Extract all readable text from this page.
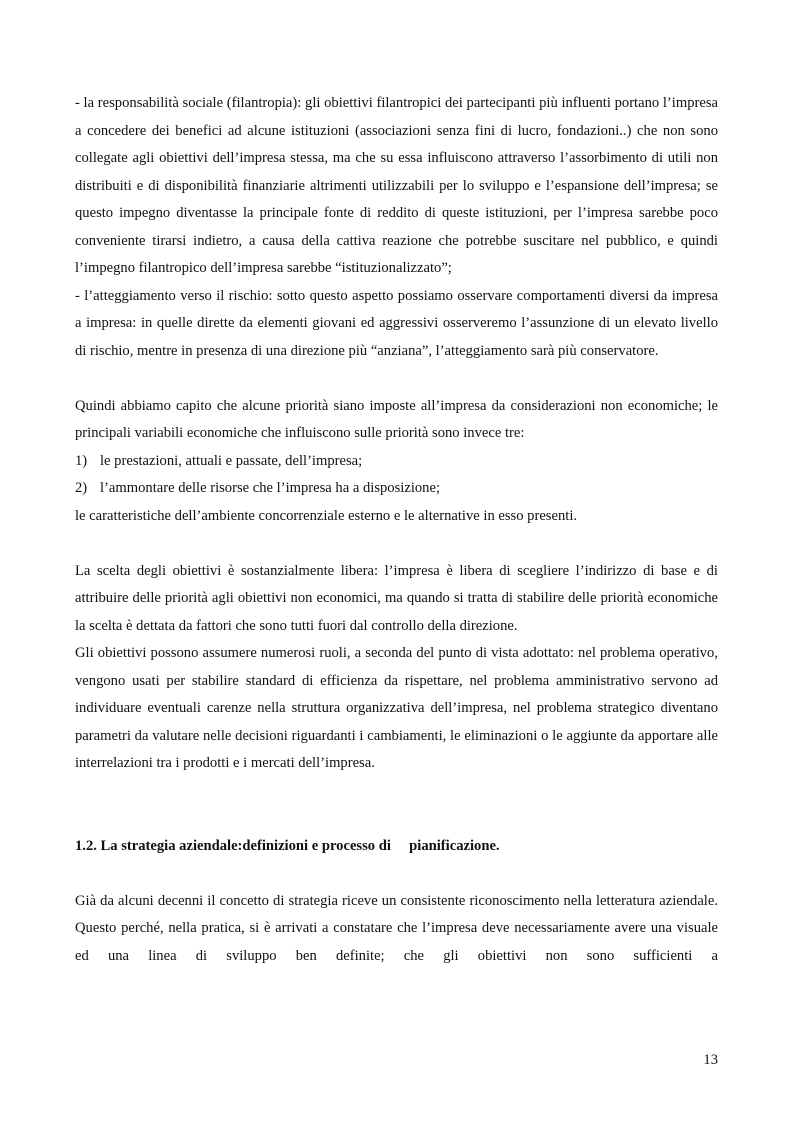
- la responsabilità sociale (filantropia): gli obiettivi filantropici dei partecipanti più influenti portano l’impresa a concedere dei benefici ad alcune istituzioni (associazioni senza fini di lucro, fondazioni..) che non sono collegate agli obiettivi dell’impresa stessa, ma che su essa influiscono attraverso l’assorbimento di utili non distribuiti e di disponibilità finanziarie altrimenti utilizzabili per lo sviluppo e l’espansione dell’impresa; se questo impegno diventasse la principale fonte di reddito di queste istituzioni, per l’impresa sarebbe poco conveniente tirarsi indietro, a causa della cattiva reazione che potrebbe suscitare nel pubblico, e quindi l’impegno filantropico dell’impresa sarebbe “istituzionalizzato”;

- l’atteggiamento verso il rischio: sotto questo aspetto possiamo osservare comportamenti diversi da impresa a impresa: in quelle dirette da elementi giovani ed aggressivi osserveremo l’assunzione di un elevato livello di rischio, mentre in presenza di una direzione più “anziana”, l’atteggiamento sarà più conservatore.

Quindi abbiamo capito che alcune priorità siano imposte all’impresa da considerazioni non economiche; le principali variabili economiche che influiscono sulle priorità sono invece tre:

1) le prestazioni, attuali e passate, dell’impresa;
2) l’ammontare delle risorse che l’impresa ha a disposizione;

le caratteristiche dell’ambiente concorrenziale esterno e le alternative in esso presenti.

La scelta degli obiettivi è sostanzialmente libera: l’impresa è libera di scegliere l’indirizzo di base e di attribuire delle priorità agli obiettivi non economici, ma quando si tratta di stabilire delle priorità economiche la scelta è dettata da fattori che sono tutti fuori dal controllo della direzione.

Gli obiettivi possono assumere numerosi ruoli, a seconda del punto di vista adottato: nel problema operativo, vengono usati per stabilire standard di efficienza da rispettare, nel problema amministrativo servono ad individuare eventuali carenze nella struttura organizzativa dell’impresa, nel problema strategico diventano parametri da valutare nelle decisioni riguardanti i cambiamenti, le eliminazioni o le aggiunte da apportare alle interrelazioni tra i prodotti e i mercati dell’impresa.

1.2. La strategia aziendale:definizioni e processo di pianificazione.

Già da alcuni decenni il concetto di strategia riceve un consistente riconoscimento nella letteratura aziendale. Questo perché, nella pratica, si è arrivati a constatare che l’impresa deve necessariamente avere una visuale ed una linea di sviluppo ben definite; che gli obiettivi non sono sufficienti a

13
